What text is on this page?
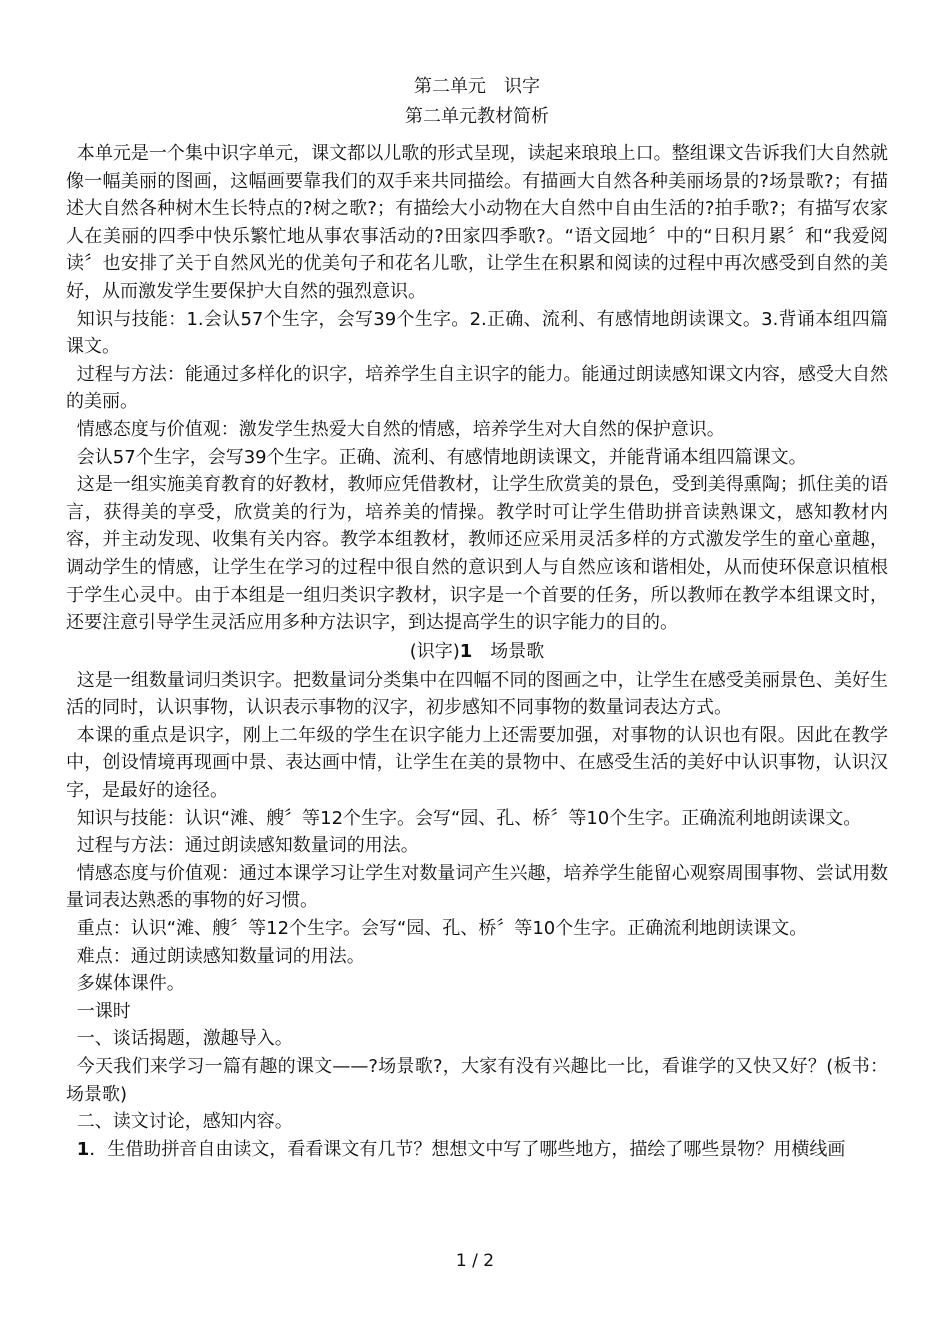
第二单元　识字
第二单元教材简析

本单元是一个集中识字单元，课文都以儿歌的形式呈现，读起来琅琅上口。整组课文告诉我们大自然就像一幅美丽的图画，这幅画要靠我们的双手来共同描绘。有描画大自然各种美丽场景的?场景歌?；有描述大自然各种树木生长特点的?树之歌?；有描绘大小动物在大自然中自由生活的?拍手歌?；有描写农家人在美丽的四季中快乐繁忙地从事农事活动的?田家四季歌?。“语文园地〞中的“日积月累〞和“我爱阅读〞也安排了关于自然风光的优美句子和花名儿歌，让学生在积累和阅读的过程中再次感受到自然的美好，从而激发学生要保护大自然的强烈意识。

知识与技能：1.会认57个生字，会写39个生字。2.正确、流利、有感情地朗读课文。3.背诵本组四篇课文。

过程与方法：能通过多样化的识字，培养学生自主识字的能力。能通过朗读感知课文内容，感受大自然的美丽。

情感态度与价值观：激发学生热爱大自然的情感，培养学生对大自然的保护意识。

会认57个生字，会写39个生字。正确、流利、有感情地朗读课文，并能背诵本组四篇课文。

这是一组实施美育教育的好教材，教师应凭借教材，让学生欣赏美的景色，受到美得熏陶；抓住美的语言，获得美的享受，欣赏美的行为，培养美的情操。教学时可让学生借助拼音读熟课文，感知教材内容，并主动发现、收集有关内容。教学本组教材，教师还应采用灵活多样的方式激发学生的童心童趣，调动学生的情感，让学生在学习的过程中很自然的意识到人与自然应该和谐相处，从而使环保意识植根于学生心灵中。由于本组是一组归类识字教材，识字是一个首要的任务，所以教师在教学本组课文时，还要注意引导学生灵活应用多种方法识字，到达提高学生的识字能力的目的。

(识字)1　 场景歌

这是一组数量词归类识字。把数量词分类集中在四幅不同的图画之中，让学生在感受美丽景色、美好生活的同时，认识事物，认识表示事物的汉字，初步感知不同事物的数量词表达方式。

本课的重点是识字，刚上二年级的学生在识字能力上还需要加强，对事物的认识也有限。因此在教学中，创设情境再现画中景、表达画中情，让学生在美的景物中、在感受生活的美好中认识事物，认识汉字，是最好的途径。

知识与技能：认识“滩、艘〞等12个生字。会写“园、孔、桥〞等10个生字。正确流利地朗读课文。

过程与方法：通过朗读感知数量词的用法。

情感态度与价值观：通过本课学习让学生对数量词产生兴趣，培养学生能留心观察周围事物、尝试用数量词表达熟悉的事物的好习惯。

重点：认识“滩、艘〞等12个生字。会写“园、孔、桥〞等10个生字。正确流利地朗读课文。

难点：通过朗读感知数量词的用法。

多媒体课件。

一课时

一、谈话揭题，激趣导入。

今天我们来学习一篇有趣的课文——?场景歌?，大家有没有兴趣比一比，看谁学的又快又好？(板书：场景歌)

二、读文讨论，感知内容。

1．生借助拼音自由读文，看看课文有几节？想想文中写了哪些地方，描绘了哪些景物？用横线画
1 / 2
